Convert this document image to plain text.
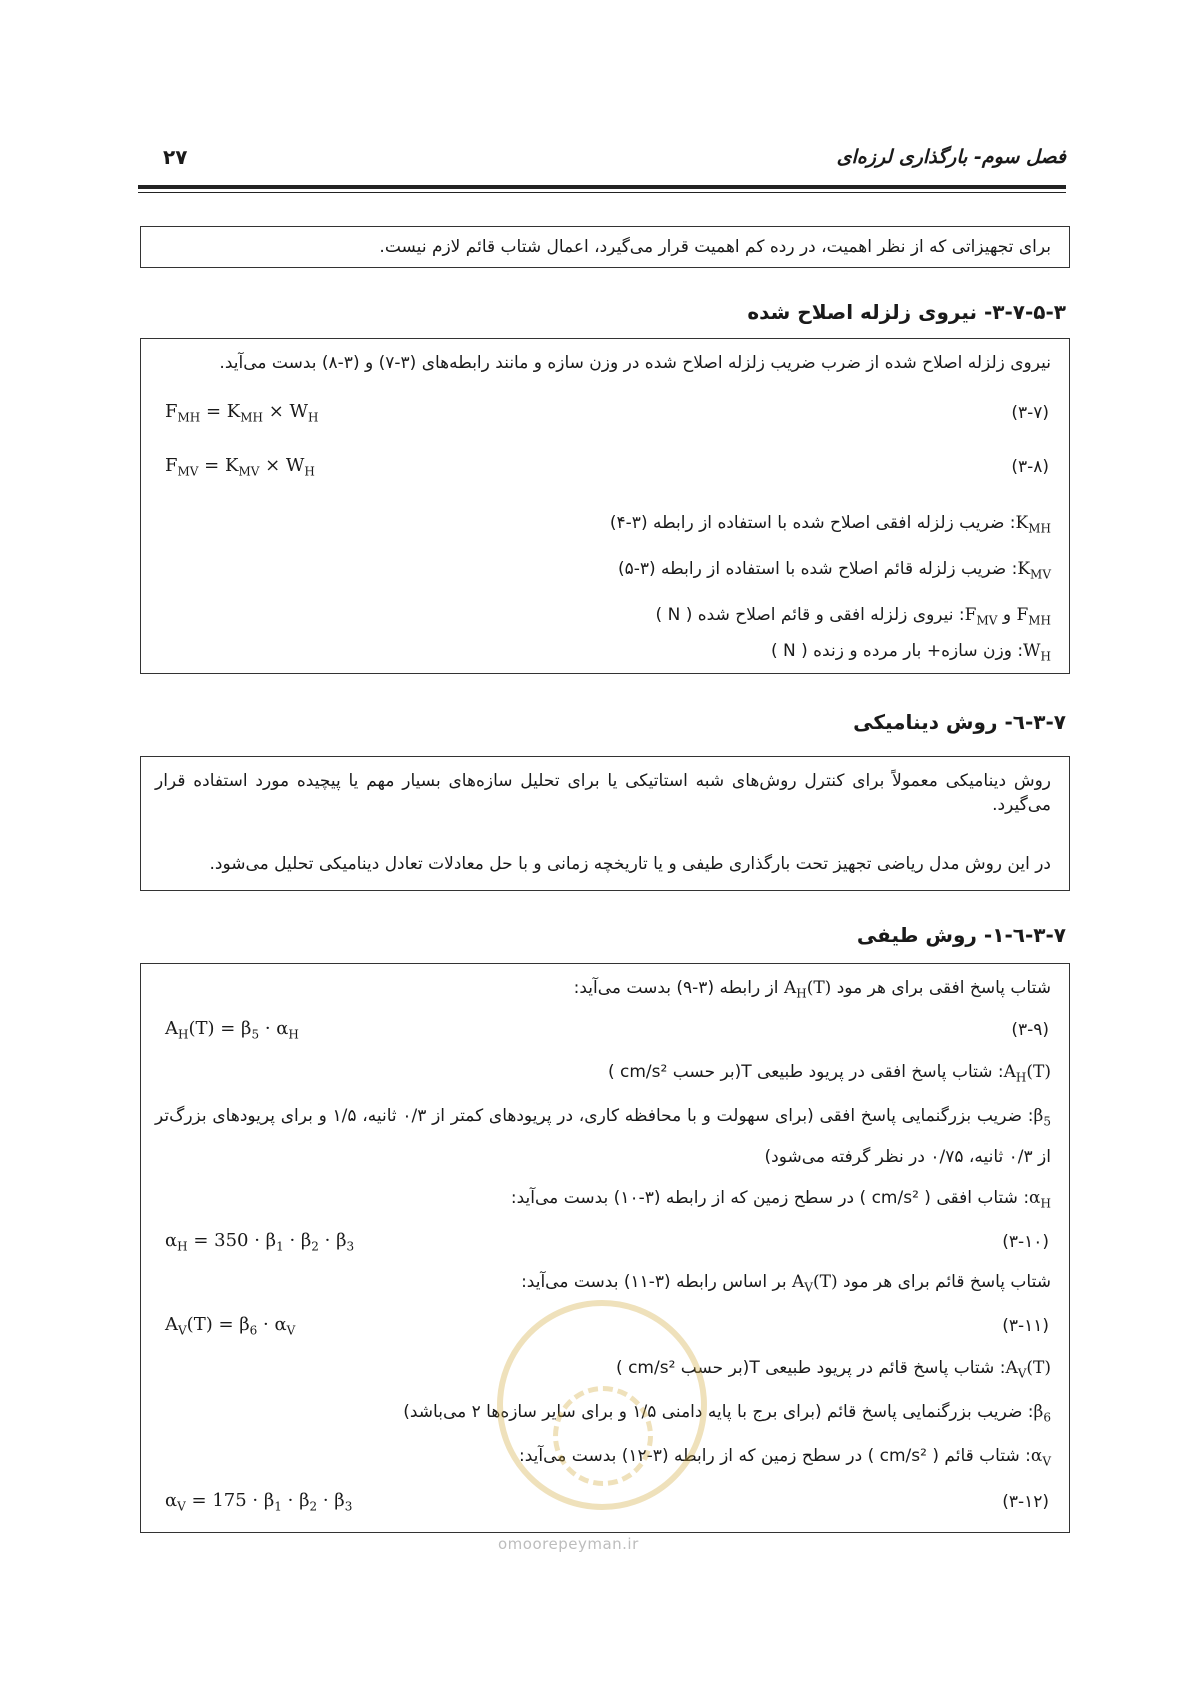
۲۷	فصل سوم- بارگذاری لرزه‌ای
برای تجهیزاتی که از نظر اهمیت، در رده کم اهمیت قرار می‌گیرد، اعمال شتاب قائم لازم نیست.
۳-۷-۵-۳- نیروی زلزله اصلاح شده
نیروی زلزله اصلاح شده از ضرب ضریب زلزله اصلاح شده در وزن سازه و مانند رابطه‌های (۳-۷) و (۳-۸) بدست می‌آید.
$F_{MH} = K_{MH} \times W_H$	(۳-۷)
$F_{MV} = K_{MV} \times W_H$	(۳-۸)
$K_{MH}$: ضریب زلزله افقی اصلاح شده با استفاده از رابطه (۳-۴)
$K_{MV}$: ضریب زلزله قائم اصلاح شده با استفاده از رابطه (۳-۵)
$F_{MH}$ و $F_{MV}$: نیروی زلزله افقی و قائم اصلاح شده ( N )
$W_H$: وزن سازه+ بار مرده و زنده ( N )
۳-۷-٦- روش دینامیکی
روش دینامیکی معمولاً برای کنترل روش‌های شبه استاتیکی یا برای تحلیل سازه‌های بسیار مهم یا پیچیده مورد استفاده قرار می‌گیرد.
در این روش مدل ریاضی تجهیز تحت بارگذاری طیفی و یا تاریخچه زمانی و با حل معادلات تعادل دینامیکی تحلیل می‌شود.
۳-۷-٦-۱- روش طیفی
شتاب پاسخ افقی برای هر مود $A_H(T)$ از رابطه (۳-۹) بدست می‌آید:
$A_H(T) = \beta_5 \cdot \alpha_H$	(۳-۹)
$A_H(T)$: شتاب پاسخ افقی در پریود طبیعی T(بر حسب cm/s² )
$\beta_5$: ضریب بزرگنمایی پاسخ افقی (برای سهولت و با محافظه کاری، در پریودهای کمتر از ۰/۳ ثانیه، ۱/۵ و برای پریودهای بزرگ‌تر از ۰/۳ ثانیه، ۰/۷۵ در نظر گرفته می‌شود)
$\alpha_H$: شتاب افقی ( cm/s² ) در سطح زمین که از رابطه (۳-۱۰) بدست می‌آید:
$\alpha_H = 350 \cdot \beta_1 \cdot \beta_2 \cdot \beta_3$	(۳-۱۰)
شتاب پاسخ قائم برای هر مود $A_V(T)$ بر اساس رابطه (۳-۱۱) بدست می‌آید:
$A_V(T) = \beta_6 \cdot \alpha_V$	(۳-۱۱)
$A_V(T)$: شتاب پاسخ قائم در پریود طبیعی T(بر حسب cm/s² )
$\beta_6$: ضریب بزرگنمایی پاسخ قائم (برای برج با پایه دامنی ۱/۵ و برای سایر سازه‌ها ۲ می‌باشد)
$\alpha_V$: شتاب قائم ( cm/s² ) در سطح زمین که از رابطه (۳-۱۲) بدست می‌آید:
$\alpha_V = 175 \cdot \beta_1 \cdot \beta_2 \cdot \beta_3$	(۳-۱۲)
omoorepeyman.ir
